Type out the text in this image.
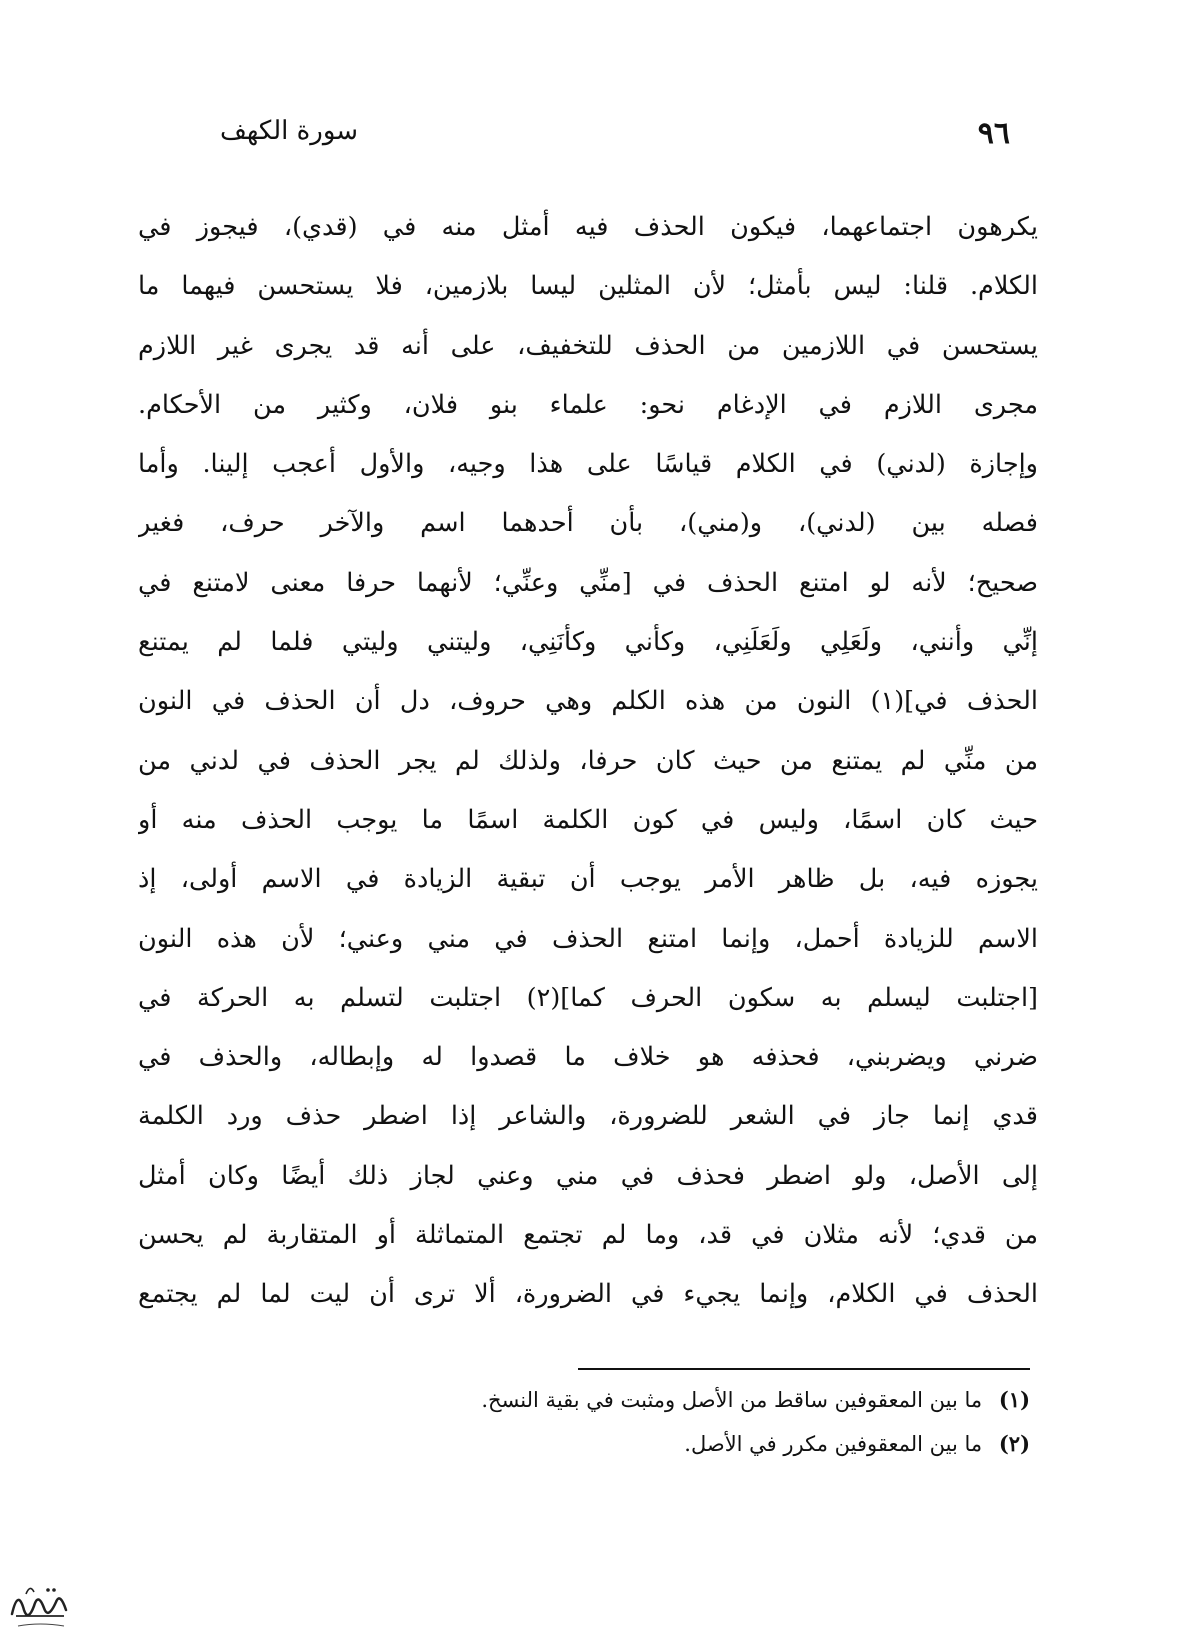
سورة الكهف	٩٦
يكرهون اجتماعهما، فيكون الحذف فيه أمثل منه في (قدي)، فيجوز في
الكلام. قلنا: ليس بأمثل؛ لأن المثلين ليسا بلازمين، فلا يستحسن فيهما ما
يستحسن في اللازمين من الحذف للتخفيف، على أنه قد يجرى غير اللازم
مجرى اللازم في الإدغام نحو: علماء بنو فلان، وكثير من الأحكام.
وإجازة (لدني) في الكلام قياسًا على هذا وجيه، والأول أعجب إلينا. وأما
فصله بين (لدني)، و(مني)، بأن أحدهما اسم والآخر حرف، فغير
صحيح؛ لأنه لو امتنع الحذف في [منِّي وعنِّي؛ لأنهما حرفا معنى لامتنع في
إنِّي وأنني، ولَعَلِي ولَعَلَنِي، وكأني وكأنَنِي، وليتني وليتي فلما لم يمتنع
الحذف في](١) النون من هذه الكلم وهي حروف، دل أن الحذف في النون
من منِّي لم يمتنع من حيث كان حرفا، ولذلك لم يجر الحذف في لدني من
حيث كان اسمًا، وليس في كون الكلمة اسمًا ما يوجب الحذف منه أو
يجوزه فيه، بل ظاهر الأمر يوجب أن تبقية الزيادة في الاسم أولى، إذ
الاسم للزيادة أحمل، وإنما امتنع الحذف في مني وعني؛ لأن هذه النون
[اجتلبت ليسلم به سكون الحرف كما](٢) اجتلبت لتسلم به الحركة في
ضرني ويضربني، فحذفه هو خلاف ما قصدوا له وإبطاله، والحذف في
قدي إنما جاز في الشعر للضرورة، والشاعر إذا اضطر حذف ورد الكلمة
إلى الأصل، ولو اضطر فحذف في مني وعني لجاز ذلك أيضًا وكان أمثل
من قدي؛ لأنه مثلان في قد، وما لم تجتمع المتماثلة أو المتقاربة لم يحسن
الحذف في الكلام، وإنما يجيء في الضرورة، ألا ترى أن ليت لما لم يجتمع
(١) ما بين المعقوفين ساقط من الأصل ومثبت في بقية النسخ.
(٢) ما بين المعقوفين مكرر في الأصل.
